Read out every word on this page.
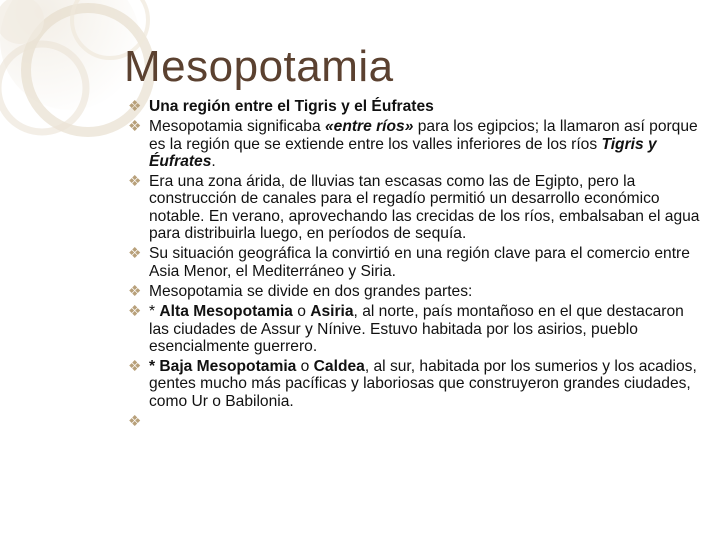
Mesopotamia
❖ Una región entre el Tigris y el Éufrates
❖ Mesopotamia significaba «entre ríos» para los egipcios; la llamaron así porque es la región que se extiende entre los valles inferiores de los ríos Tigris y Éufrates.
❖ Era una zona árida, de lluvias tan escasas como las de Egipto, pero la construcción de canales para el regadío permitió un desarrollo económico notable. En verano, aprovechando las crecidas de los ríos, embalsaban el agua para distribuirla luego, en períodos de sequía.
❖ Su situación geográfica la convirtió en una región clave para el comercio entre Asia Menor, el Mediterráneo y Siria.
❖ Mesopotamia se divide en dos grandes partes:
❖ * Alta Mesopotamia o Asiria, al norte, país montañoso en el que destacaron las ciudades de Assur y Nínive. Estuvo habitada por los asirios, pueblo esencialmente guerrero.
❖ * Baja Mesopotamia o Caldea, al sur, habitada por los sumerios y los acadios, gentes mucho más pacíficas y laboriosas que construyeron grandes ciudades, como Ur o Babilonia.
❖
